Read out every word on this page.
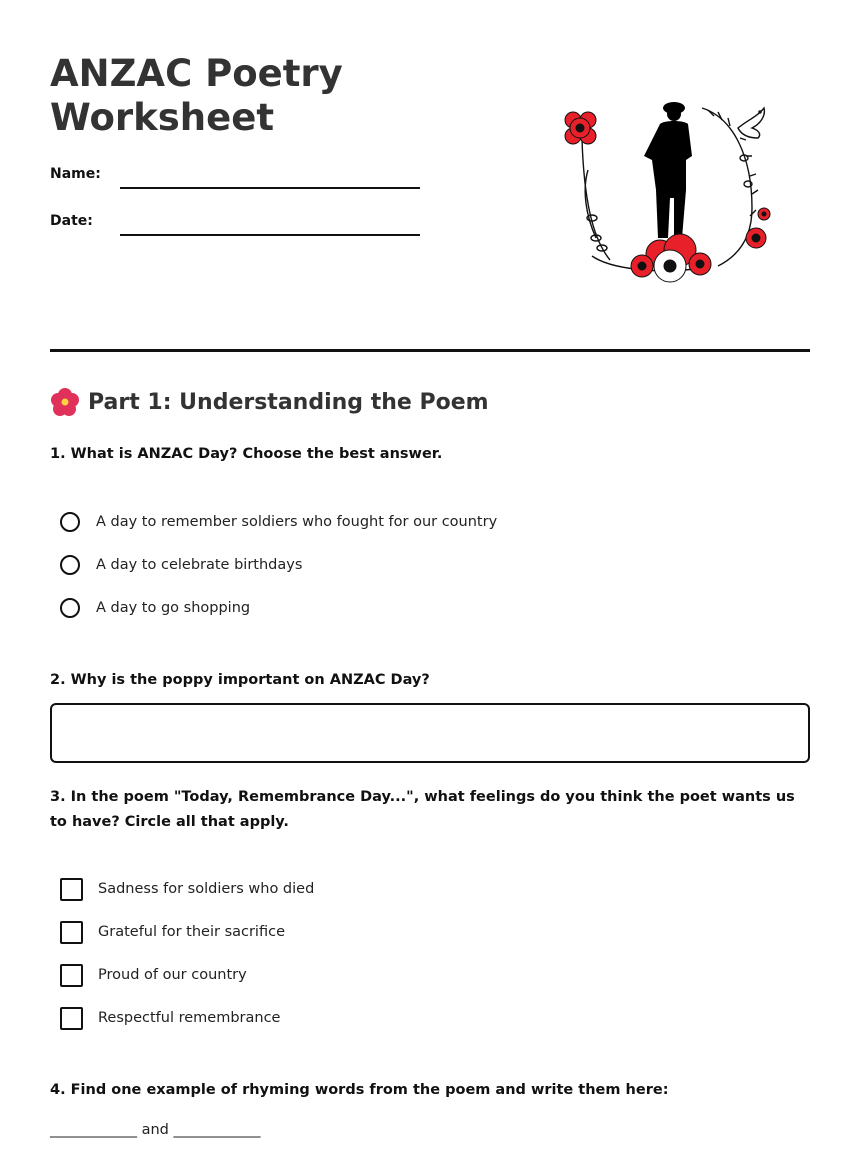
ANZAC Poetry
Worksheet
Name:
Date:
Part 1: Understanding the Poem

1. What is ANZAC Day? Choose the best answer.

A day to remember soldiers who fought for our country
A day to celebrate birthdays
A day to go shopping

2. Why is the poppy important on ANZAC Day?

3. In the poem "Today, Remembrance Day...", what feelings do you think the poet wants us to have? Circle all that apply.

Sadness for soldiers who died
Grateful for their sacrifice
Proud of our country
Respectful remembrance

4. Find one example of rhyming words from the poem and write them here:

____________ and ____________
